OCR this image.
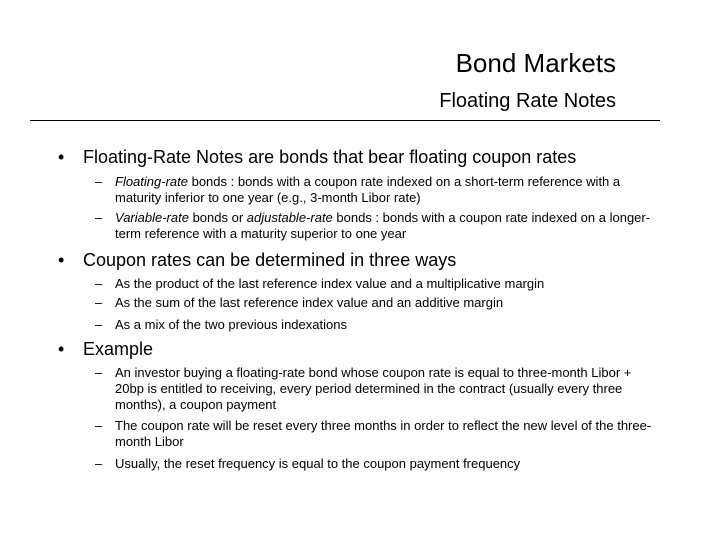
Bond Markets
Floating Rate Notes
• Floating-Rate Notes are bonds that bear floating coupon rates
– Floating-rate bonds : bonds with a coupon rate indexed on a short-term reference with a maturity inferior to one year (e.g., 3-month Libor rate)
– Variable-rate bonds or adjustable-rate bonds : bonds with a coupon rate indexed on a longer-term reference with a maturity superior to one year
• Coupon rates can be determined in three ways
– As the product of the last reference index value and a multiplicative margin
– As the sum of the last reference index value and an additive margin
– As a mix of the two previous indexations
• Example
– An investor buying a floating-rate bond whose coupon rate is equal to three-month Libor + 20bp is entitled to receiving, every period determined in the contract (usually every three months), a coupon payment
– The coupon rate will be reset every three months in order to reflect the new level of the three-month Libor
– Usually, the reset frequency is equal to the coupon payment frequency
